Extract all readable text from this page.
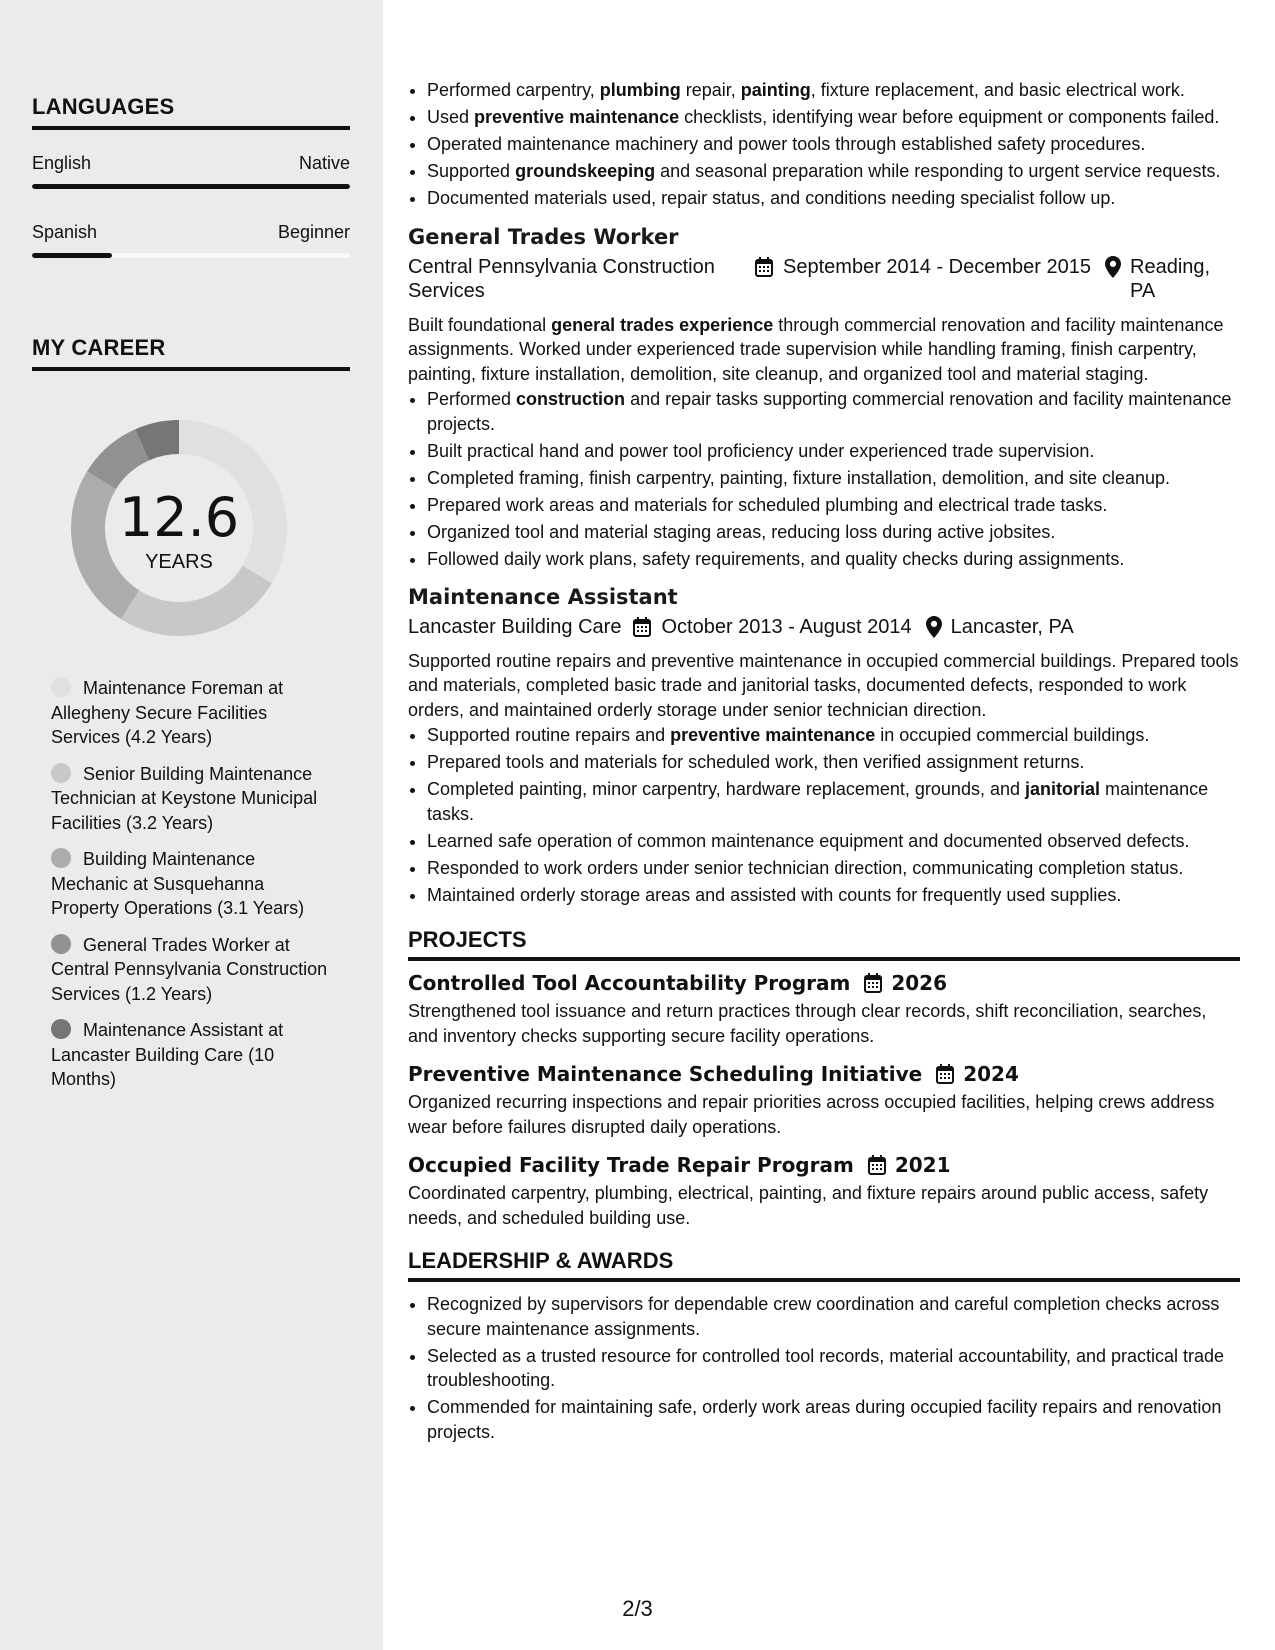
LANGUAGES
English	Native
Spanish	Beginner
MY CAREER
12.6
YEARS
Maintenance Foreman at Allegheny Secure Facilities Services (4.2 Years)
Senior Building Maintenance Technician at Keystone Municipal Facilities (3.2 Years)
Building Maintenance Mechanic at Susquehanna Property Operations (3.1 Years)
General Trades Worker at Central Pennsylvania Construction Services (1.2 Years)
Maintenance Assistant at Lancaster Building Care (10 Months)
• Performed carpentry, plumbing repair, painting, fixture replacement, and basic electrical work.
• Used preventive maintenance checklists, identifying wear before equipment or components failed.
• Operated maintenance machinery and power tools through established safety procedures.
• Supported groundskeeping and seasonal preparation while responding to urgent service requests.
• Documented materials used, repair status, and conditions needing specialist follow up.
General Trades Worker
Central Pennsylvania Construction Services
September 2014 - December 2015 Reading, PA
Built foundational general trades experience through commercial renovation and facility maintenance assignments. Worked under experienced trade supervision while handling framing, finish carpentry, painting, fixture installation, demolition, site cleanup, and organized tool and material staging.
• Performed construction and repair tasks supporting commercial renovation and facility maintenance projects.
• Built practical hand and power tool proficiency under experienced trade supervision.
• Completed framing, finish carpentry, painting, fixture installation, demolition, and site cleanup.
• Prepared work areas and materials for scheduled plumbing and electrical trade tasks.
• Organized tool and material staging areas, reducing loss during active jobsites.
• Followed daily work plans, safety requirements, and quality checks during assignments.
Maintenance Assistant
Lancaster Building Care October 2013 - August 2014 Lancaster, PA
Supported routine repairs and preventive maintenance in occupied commercial buildings. Prepared tools and materials, completed basic trade and janitorial tasks, documented defects, responded to work orders, and maintained orderly storage under senior technician direction.
• Supported routine repairs and preventive maintenance in occupied commercial buildings.
• Prepared tools and materials for scheduled work, then verified assignment returns.
• Completed painting, minor carpentry, hardware replacement, grounds, and janitorial maintenance tasks.
• Learned safe operation of common maintenance equipment and documented observed defects.
• Responded to work orders under senior technician direction, communicating completion status.
• Maintained orderly storage areas and assisted with counts for frequently used supplies.
PROJECTS
Controlled Tool Accountability Program 2026
Strengthened tool issuance and return practices through clear records, shift reconciliation, searches, and inventory checks supporting secure facility operations.
Preventive Maintenance Scheduling Initiative 2024
Organized recurring inspections and repair priorities across occupied facilities, helping crews address wear before failures disrupted daily operations.
Occupied Facility Trade Repair Program 2021
Coordinated carpentry, plumbing, electrical, painting, and fixture repairs around public access, safety needs, and scheduled building use.
LEADERSHIP & AWARDS
• Recognized by supervisors for dependable crew coordination and careful completion checks across secure maintenance assignments.
• Selected as a trusted resource for controlled tool records, material accountability, and practical trade troubleshooting.
• Commended for maintaining safe, orderly work areas during occupied facility repairs and renovation projects.
2/3
